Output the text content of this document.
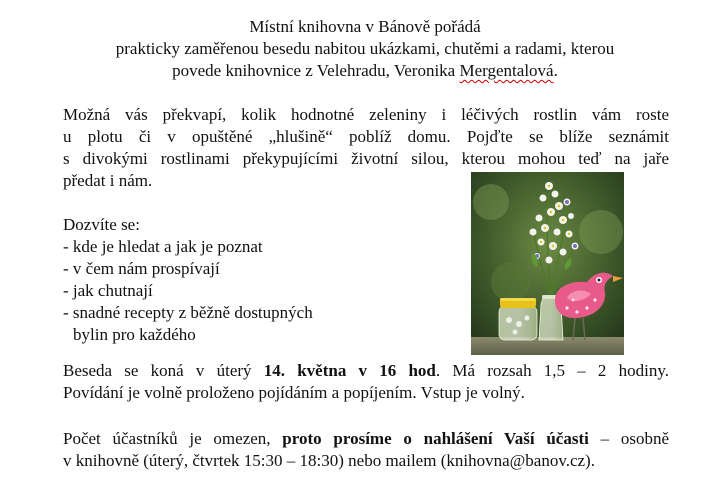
Místní knihovna v Bánově pořádá
prakticky zaměřenou besedu nabitou ukázkami, chutěmi a radami, kterou
povede knihovnice z Velehradu, Veronika Mergentalová.
Možná vás překvapí, kolik hodnotné zeleniny i léčivých rostlin vám roste
u plotu či v opuštěné „hlušině“ poblíž domu. Pojďte se blíže seznámit
s divokými rostlinami překypujícími životní silou, kterou mohou teď na jaře
předat i nám.
Dozvíte se:
- kde je hledat a jak je poznat
- v čem nám prospívají
- jak chutnají
- snadné recepty z běžně dostupných
bylin pro každého
Beseda se koná v úterý 14. května v 16 hod. Má rozsah 1,5 – 2 hodiny.
Povídání je volně proloženo pojídáním a popíjením. Vstup je volný.
Počet účastníků je omezen, proto prosíme o nahlášení Vaší účasti – osobně
v knihovně (úterý, čtvrtek 15:30 – 18:30) nebo mailem (knihovna@banov.cz).
